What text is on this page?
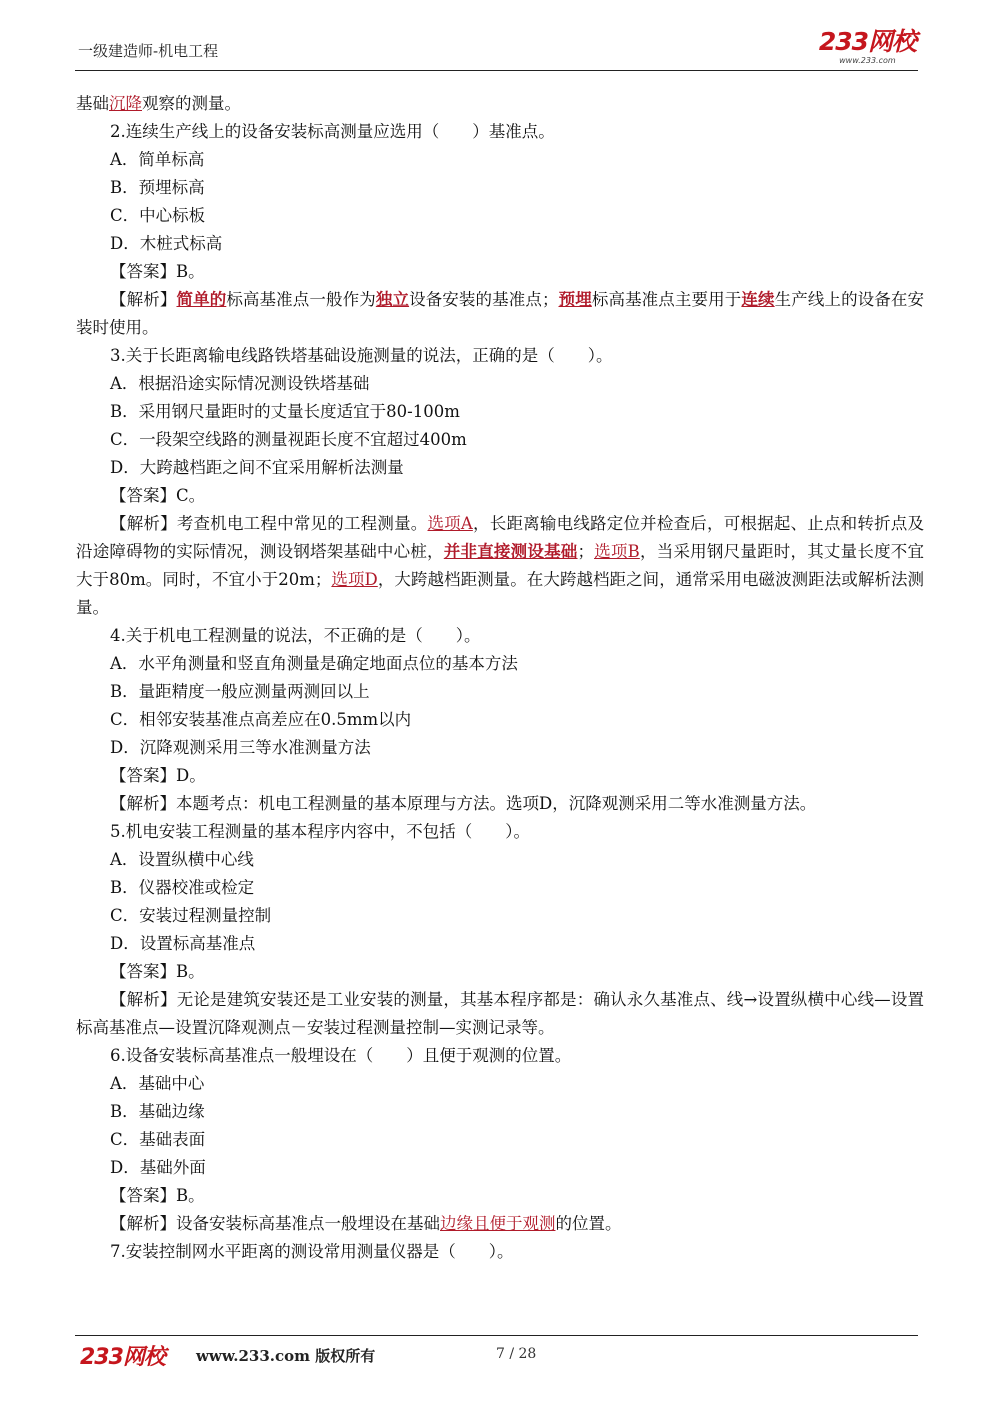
一级建造师-机电工程	233网校
www.233.com

基础沉降观察的测量。

2.连续生产线上的设备安装标高测量应选用（　　）基准点。

A．简单标高

B．预埋标高

C．中心标板

D．木桩式标高

【答案】B。

【解析】简单的标高基准点一般作为独立设备安装的基准点；预埋标高基准点主要用于连续生产线上的设备在安装时使用。

3.关于长距离输电线路铁塔基础设施测量的说法，正确的是（　　）。

A．根据沿途实际情况测设铁塔基础

B．采用钢尺量距时的丈量长度适宜于80-100m

C．一段架空线路的测量视距长度不宜超过400m

D．大跨越档距之间不宜采用解析法测量

【答案】C。

【解析】考查机电工程中常见的工程测量。选项A，长距离输电线路定位并检查后，可根据起、止点和转折点及沿途障碍物的实际情况，测设钢塔架基础中心桩，并非直接测设基础；选项B，当采用钢尺量距时，其丈量长度不宜大于80m。同时，不宜小于20m；选项D，大跨越档距测量。在大跨越档距之间，通常采用电磁波测距法或解析法测量。

4.关于机电工程测量的说法，不正确的是（　　）。

A．水平角测量和竖直角测量是确定地面点位的基本方法

B．量距精度一般应测量两测回以上

C．相邻安装基准点高差应在0.5mm以内

D．沉降观测采用三等水准测量方法

【答案】D。

【解析】本题考点：机电工程测量的基本原理与方法。选项D，沉降观测采用二等水准测量方法。

5.机电安装工程测量的基本程序内容中，不包括（　　）。

A．设置纵横中心线

B．仪器校准或检定

C．安装过程测量控制

D．设置标高基准点

【答案】B。

【解析】无论是建筑安装还是工业安装的测量，其基本程序都是：确认永久基准点、线→设置纵横中心线—设置标高基准点—设置沉降观测点－安装过程测量控制—实测记录等。

6.设备安装标高基准点一般埋设在（　　）且便于观测的位置。

A．基础中心

B．基础边缘

C．基础表面

D．基础外面

【答案】B。

【解析】设备安装标高基准点一般埋设在基础边缘且便于观测的位置。

7.安装控制网水平距离的测设常用测量仪器是（　　）。

233网校 www.233.com 版权所有	7 / 28
